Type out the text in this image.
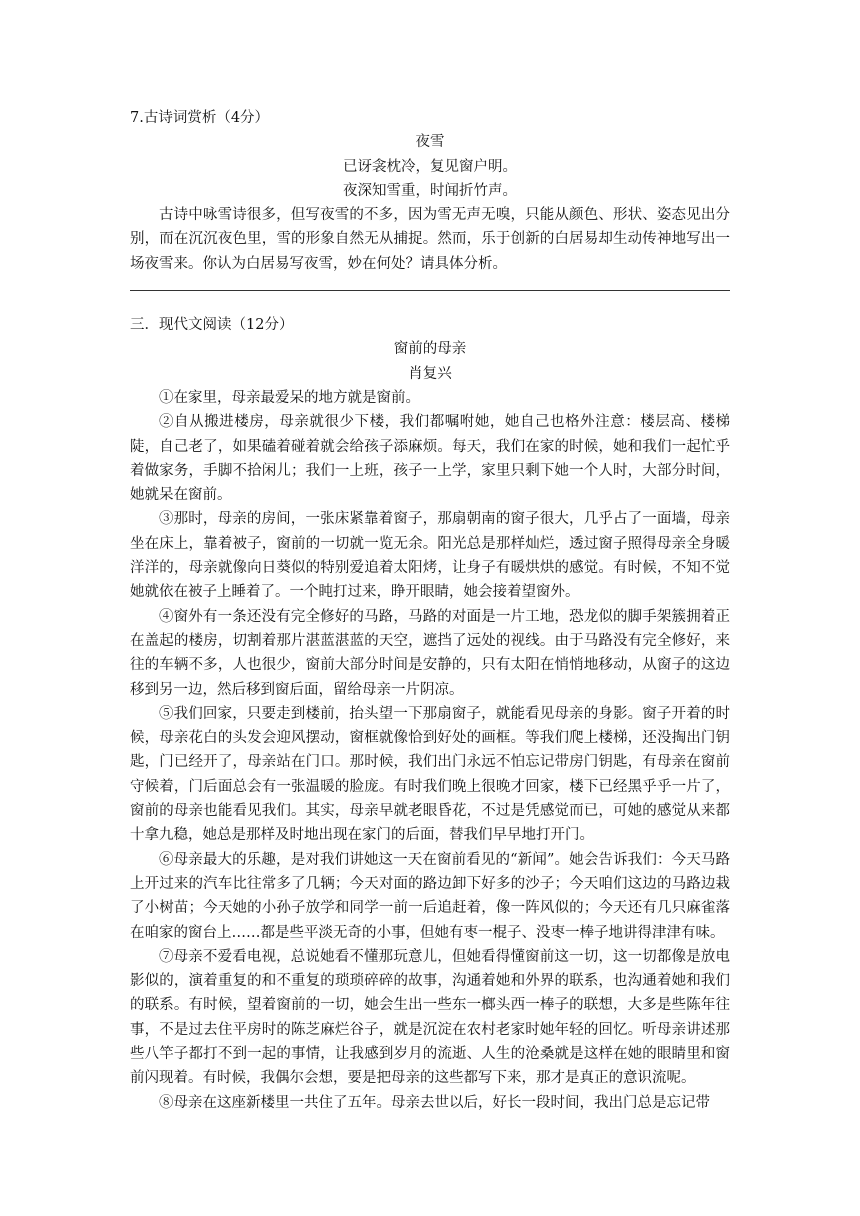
7.古诗词赏析（4分）

夜雪

已讶衾枕冷，复见窗户明。

夜深知雪重，时闻折竹声。

古诗中咏雪诗很多，但写夜雪的不多，因为雪无声无嗅，只能从颜色、形状、姿态见出分别，而在沉沉夜色里，雪的形象自然无从捕捉。然而，乐于创新的白居易却生动传神地写出一场夜雪来。你认为白居易写夜雪，妙在何处？请具体分析。

三．现代文阅读（12分）

窗前的母亲

肖复兴

①在家里，母亲最爱呆的地方就是窗前。

②自从搬进楼房，母亲就很少下楼，我们都嘱咐她，她自己也格外注意：楼层高、楼梯陡，自己老了，如果磕着碰着就会给孩子添麻烦。每天，我们在家的时候，她和我们一起忙乎着做家务，手脚不拾闲儿；我们一上班，孩子一上学，家里只剩下她一个人时，大部分时间，她就呆在窗前。

③那时，母亲的房间，一张床紧靠着窗子，那扇朝南的窗子很大，几乎占了一面墙，母亲坐在床上，靠着被子，窗前的一切就一览无余。阳光总是那样灿烂，透过窗子照得母亲全身暖洋洋的，母亲就像向日葵似的特别爱追着太阳烤，让身子有暖烘烘的感觉。有时候，不知不觉她就依在被子上睡着了。一个盹打过来，睁开眼睛，她会接着望窗外。

④窗外有一条还没有完全修好的马路，马路的对面是一片工地，恐龙似的脚手架簇拥着正在盖起的楼房，切割着那片湛蓝湛蓝的天空，遮挡了远处的视线。由于马路没有完全修好，来往的车辆不多，人也很少，窗前大部分时间是安静的，只有太阳在悄悄地移动，从窗子的这边移到另一边，然后移到窗后面，留给母亲一片阴凉。

⑤我们回家，只要走到楼前，抬头望一下那扇窗子，就能看见母亲的身影。窗子开着的时候，母亲花白的头发会迎风摆动，窗框就像恰到好处的画框。等我们爬上楼梯，还没掏出门钥匙，门已经开了，母亲站在门口。那时候，我们出门永远不怕忘记带房门钥匙，有母亲在窗前守候着，门后面总会有一张温暖的脸庞。有时我们晚上很晚才回家，楼下已经黑乎乎一片了，窗前的母亲也能看见我们。其实，母亲早就老眼昏花，不过是凭感觉而已，可她的感觉从来都十拿九稳，她总是那样及时地出现在家门的后面，替我们早早地打开门。

⑥母亲最大的乐趣，是对我们讲她这一天在窗前看见的“新闻”。她会告诉我们：今天马路上开过来的汽车比往常多了几辆；今天对面的路边卸下好多的沙子；今天咱们这边的马路边栽了小树苗；今天她的小孙子放学和同学一前一后追赶着，像一阵风似的；今天还有几只麻雀落在咱家的窗台上……都是些平淡无奇的小事，但她有枣一棍子、没枣一棒子地讲得津津有味。

⑦母亲不爱看电视，总说她看不懂那玩意儿，但她看得懂窗前这一切，这一切都像是放电影似的，演着重复的和不重复的琐琐碎碎的故事，沟通着她和外界的联系，也沟通着她和我们的联系。有时候，望着窗前的一切，她会生出一些东一榔头西一棒子的联想，大多是些陈年往事，不是过去住平房时的陈芝麻烂谷子，就是沉淀在农村老家时她年轻的回忆。听母亲讲述那些八竿子都打不到一起的事情，让我感到岁月的流逝、人生的沧桑就是这样在她的眼睛里和窗前闪现着。有时候，我偶尔会想，要是把母亲的这些都写下来，那才是真正的意识流呢。

⑧母亲在这座新楼里一共住了五年。母亲去世以后，好长一段时间，我出门总是忘记带
